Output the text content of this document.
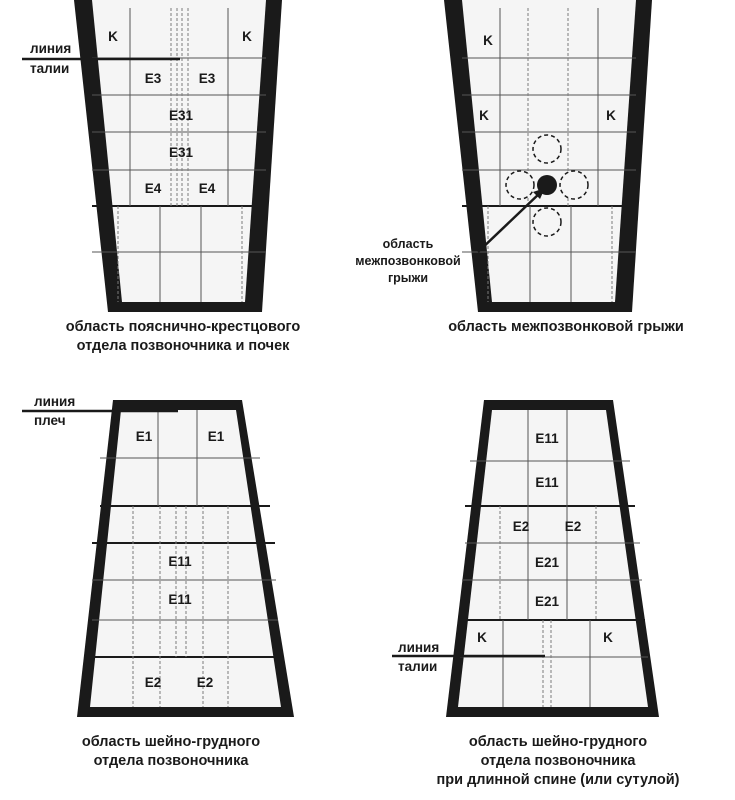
линия
талии
K	K
E3	E3
E31
E31
E4	E4
область пояснично-крестцового
отдела позвоночника и почек
K
K	K
область
межпозвонковой
грыжи
область межпозвонковой грыжи
линия
плеч
E1	E1
E11
E11
E2	E2
область шейно-грудного
отдела позвоночника
линия
талии
E11
E11
E2	E2
E21
E21
K	K
область шейно-грудного
отдела позвоночника
при длинной спине (или сутулой)
